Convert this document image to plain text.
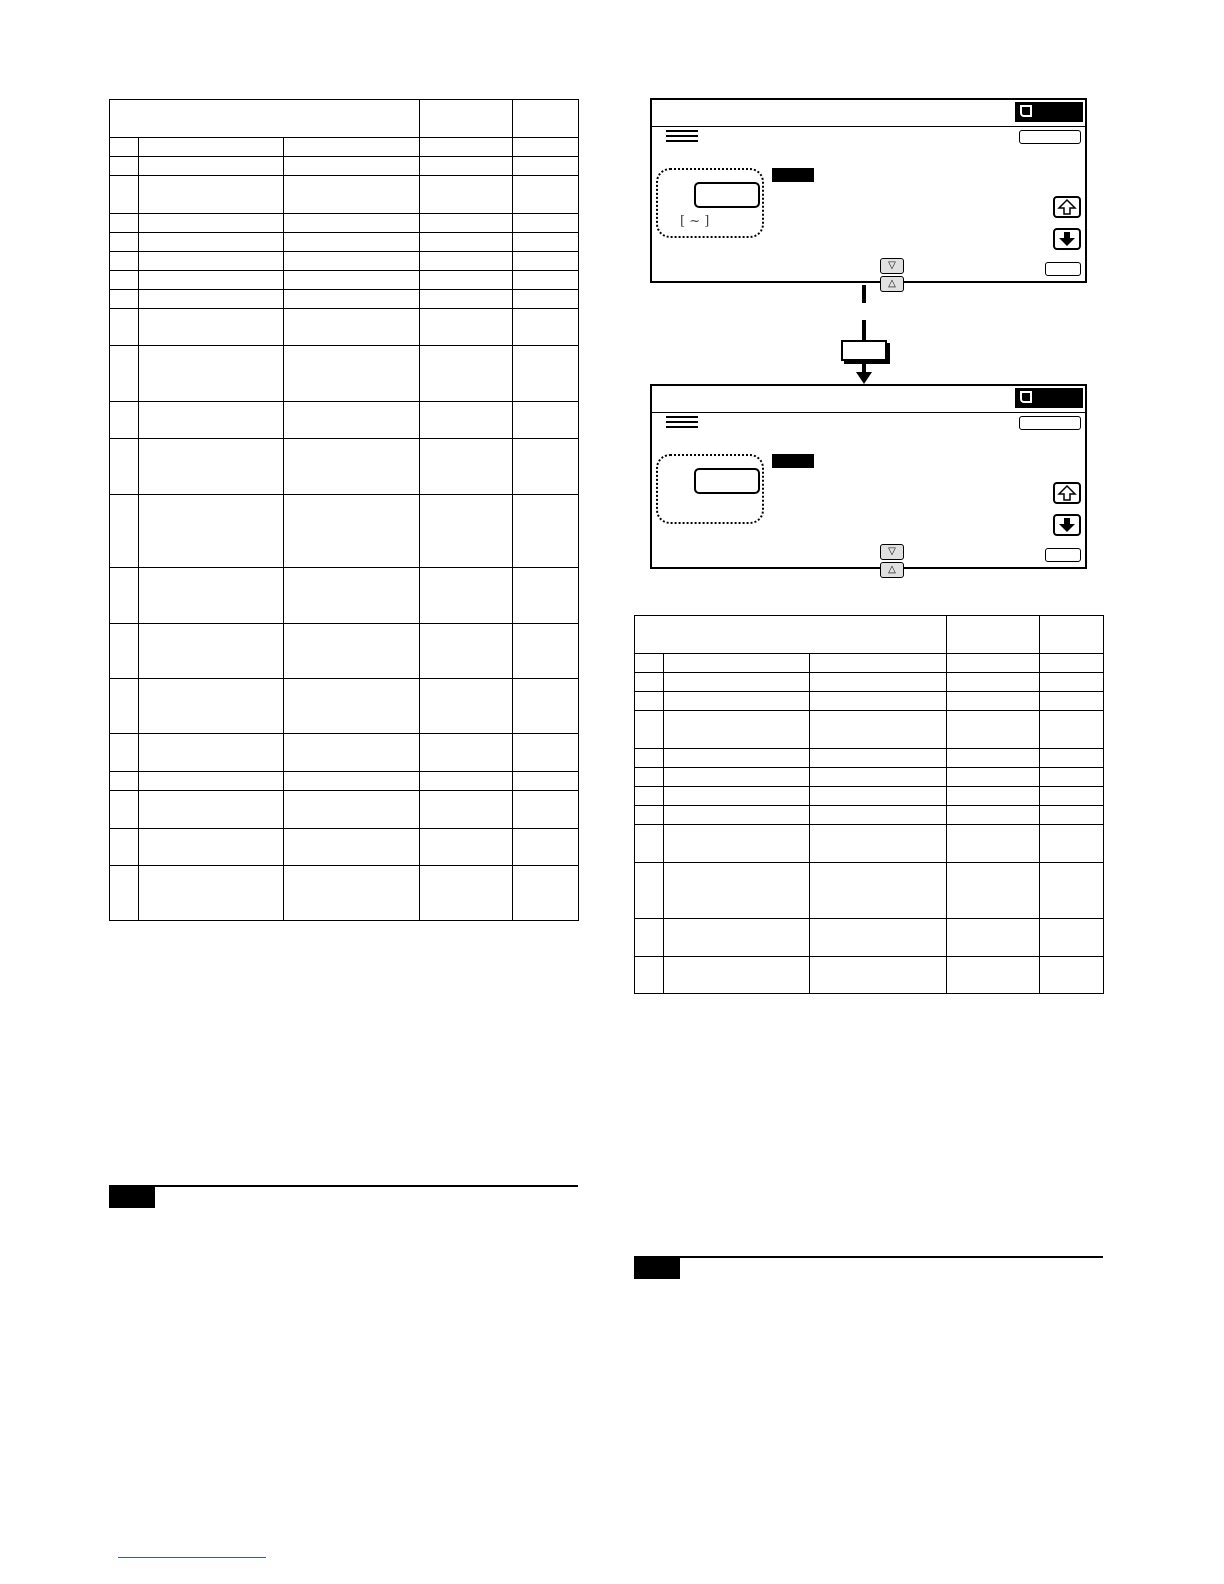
[ ~ ]
▽△
▽△
